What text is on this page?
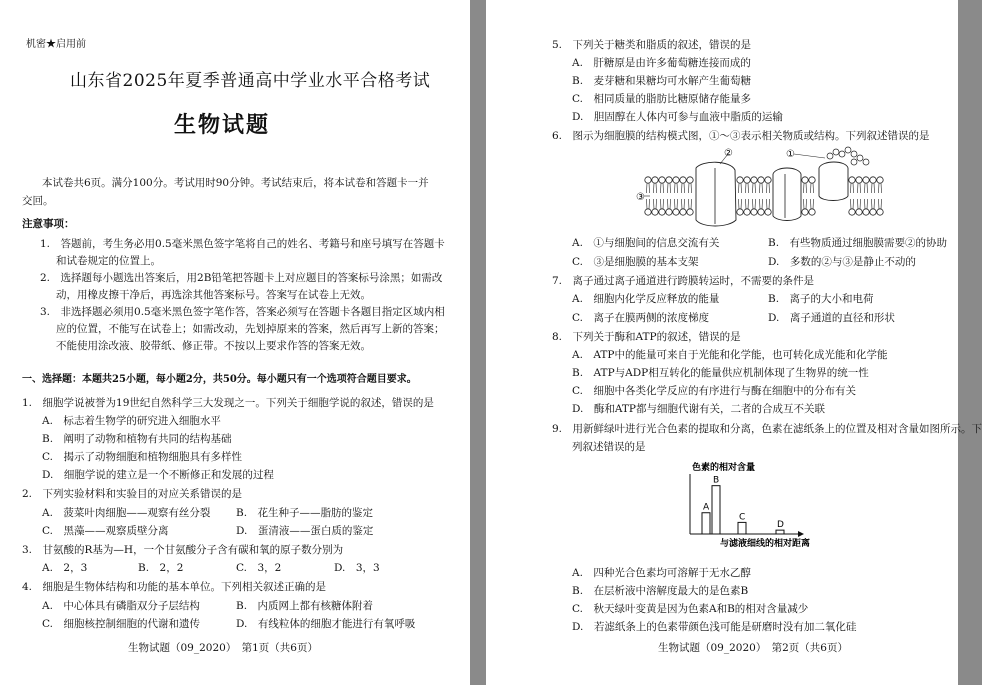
机密★启用前
山东省2025年夏季普通高中学业水平合格考试
生物试题
本试卷共6页。满分100分。考试用时90分钟。考试结束后，将本试卷和答题卡一并
交回。
注意事项：
1.　答题前，考生务必用0.5毫米黑色签字笔将自己的姓名、考籍号和座号填写在答题卡
和试卷规定的位置上。
2.　选择题每小题选出答案后，用2B铅笔把答题卡上对应题目的答案标号涂黑；如需改
动，用橡皮擦干净后，再选涂其他答案标号。答案写在试卷上无效。
3.　非选择题必须用0.5毫米黑色签字笔作答，答案必须写在答题卡各题目指定区域内相
应的位置，不能写在试卷上；如需改动，先划掉原来的答案，然后再写上新的答案；
不能使用涂改液、胶带纸、修正带。不按以上要求作答的答案无效。
一、选择题：本题共25小题，每小题2分，共50分。每小题只有一个选项符合题目要求。
1.　细胞学说被誉为19世纪自然科学三大发现之一。下列关于细胞学说的叙述，错误的是
A.　标志着生物学的研究进入细胞水平
B.　阐明了动物和植物有共同的结构基础
C.　揭示了动物细胞和植物细胞具有多样性
D.　细胞学说的建立是一个不断修正和发展的过程
2.　下列实验材料和实验目的对应关系错误的是
A.　菠菜叶肉细胞——观察有丝分裂 B.　花生种子——脂肪的鉴定
C.　黑藻——观察质壁分离	D.　蛋清液——蛋白质的鉴定
3.　甘氨酸的R基为—H，一个甘氨酸分子含有碳和氧的原子数分别为
A.　2，3	B.　2，2	C.　3，2	D.　3，3
4.　细胞是生物体结构和功能的基本单位。下列相关叙述正确的是
A.　中心体具有磷脂双分子层结构	B.　内质网上都有核糖体附着
C.　细胞核控制细胞的代谢和遗传	D.　有线粒体的细胞才能进行有氧呼吸
生物试题（09_2020）　第1页（共6页）
5.　下列关于糖类和脂质的叙述，错误的是
A.　肝糖原是由许多葡萄糖连接而成的
B.　麦芽糖和果糖均可水解产生葡萄糖
C.　相同质量的脂肪比糖原储存能量多
D.　胆固醇在人体内可参与血液中脂质的运输
6.　图示为细胞膜的结构模式图，①～③表示相关物质或结构。下列叙述错误的是
①
②
③
A.　①与细胞间的信息交流有关	B.　有些物质通过细胞膜需要②的协助
C.　③是细胞膜的基本支架	D.　多数的②与③是静止不动的
7.　离子通过离子通道进行跨膜转运时，不需要的条件是
A.　细胞内化学反应释放的能量	B.　离子的大小和电荷
C.　离子在膜两侧的浓度梯度	D.　离子通道的直径和形状
8.　下列关于酶和ATP的叙述，错误的是
A.　ATP中的能量可来自于光能和化学能，也可转化成光能和化学能
B.　ATP与ADP相互转化的能量供应机制体现了生物界的统一性
C.　细胞中各类化学反应的有序进行与酶在细胞中的分布有关
D.　酶和ATP都与细胞代谢有关，二者的合成互不关联
9.　用新鲜绿叶进行光合色素的提取和分离，色素在滤纸条上的位置及相对含量如图所示。下
列叙述错误的是
色素的相对含量
与滤液细线的相对距离
A
B
C
D
A.　四种光合色素均可溶解于无水乙醇
B.　在层析液中溶解度最大的是色素B
C.　秋天绿叶变黄是因为色素A和B的相对含量减少
D.　若滤纸条上的色素带颜色浅可能是研磨时没有加二氧化硅
生物试题（09_2020）　第2页（共6页）
